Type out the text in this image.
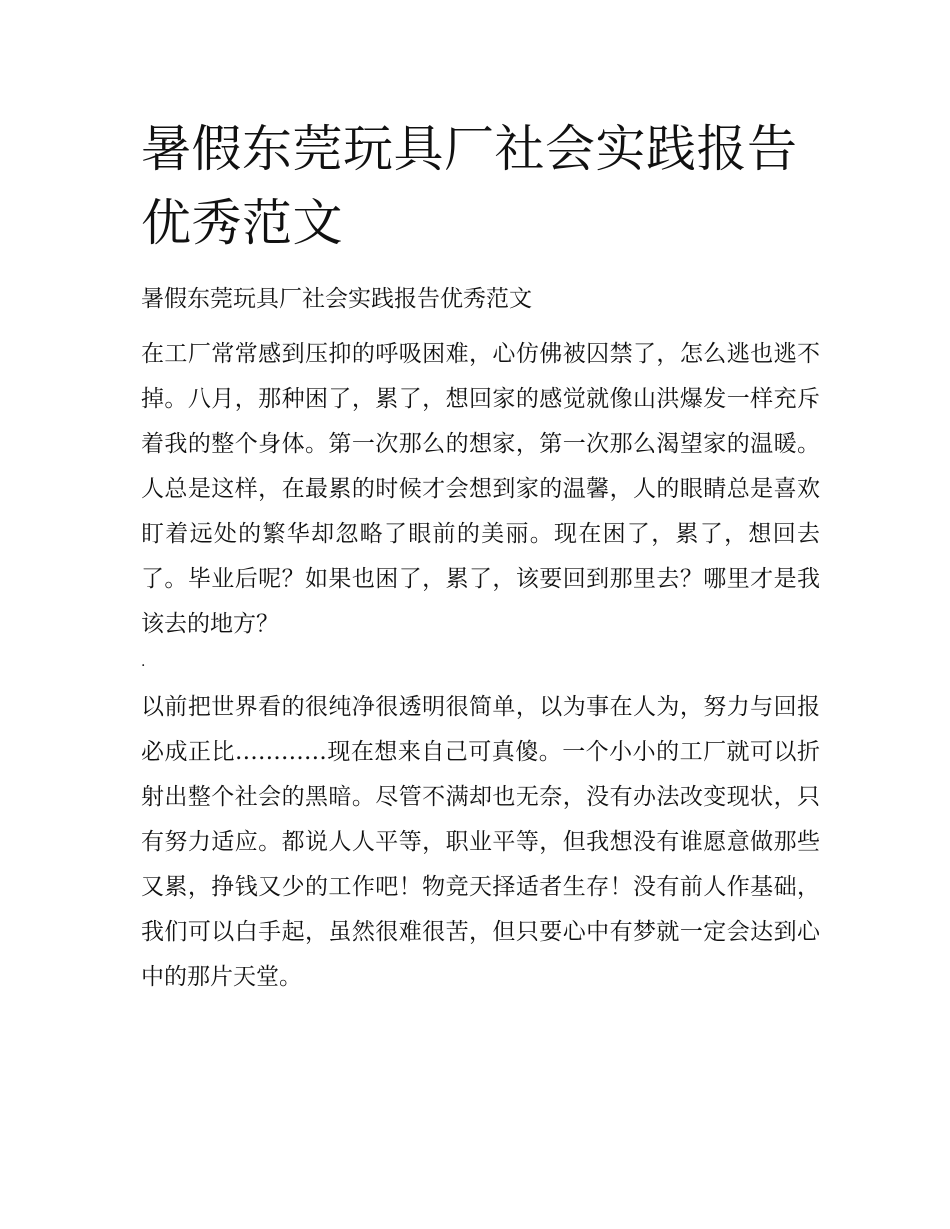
暑假东莞玩具厂社会实践报告优秀范文
暑假东莞玩具厂社会实践报告优秀范文

在工厂常常感到压抑的呼吸困难，心仿佛被囚禁了，怎么逃也逃不掉。八月，那种困了，累了，想回家的感觉就像山洪爆发一样充斥着我的整个身体。第一次那么的想家，第一次那么渴望家的温暖。人总是这样，在最累的时候才会想到家的温馨，人的眼睛总是喜欢盯着远处的繁华却忽略了眼前的美丽。现在困了，累了，想回去了。毕业后呢？如果也困了，累了，该要回到那里去？哪里才是我该去的地方？

·

以前把世界看的很纯净很透明很简单，以为事在人为，努力与回报必成正比…………现在想来自己可真傻。一个小小的工厂就可以折射出整个社会的黑暗。尽管不满却也无奈，没有办法改变现状，只有努力适应。都说人人平等，职业平等，但我想没有谁愿意做那些又累，挣钱又少的工作吧！物竞天择适者生存！没有前人作基础，我们可以白手起，虽然很难很苦，但只要心中有梦就一定会达到心中的那片天堂。
